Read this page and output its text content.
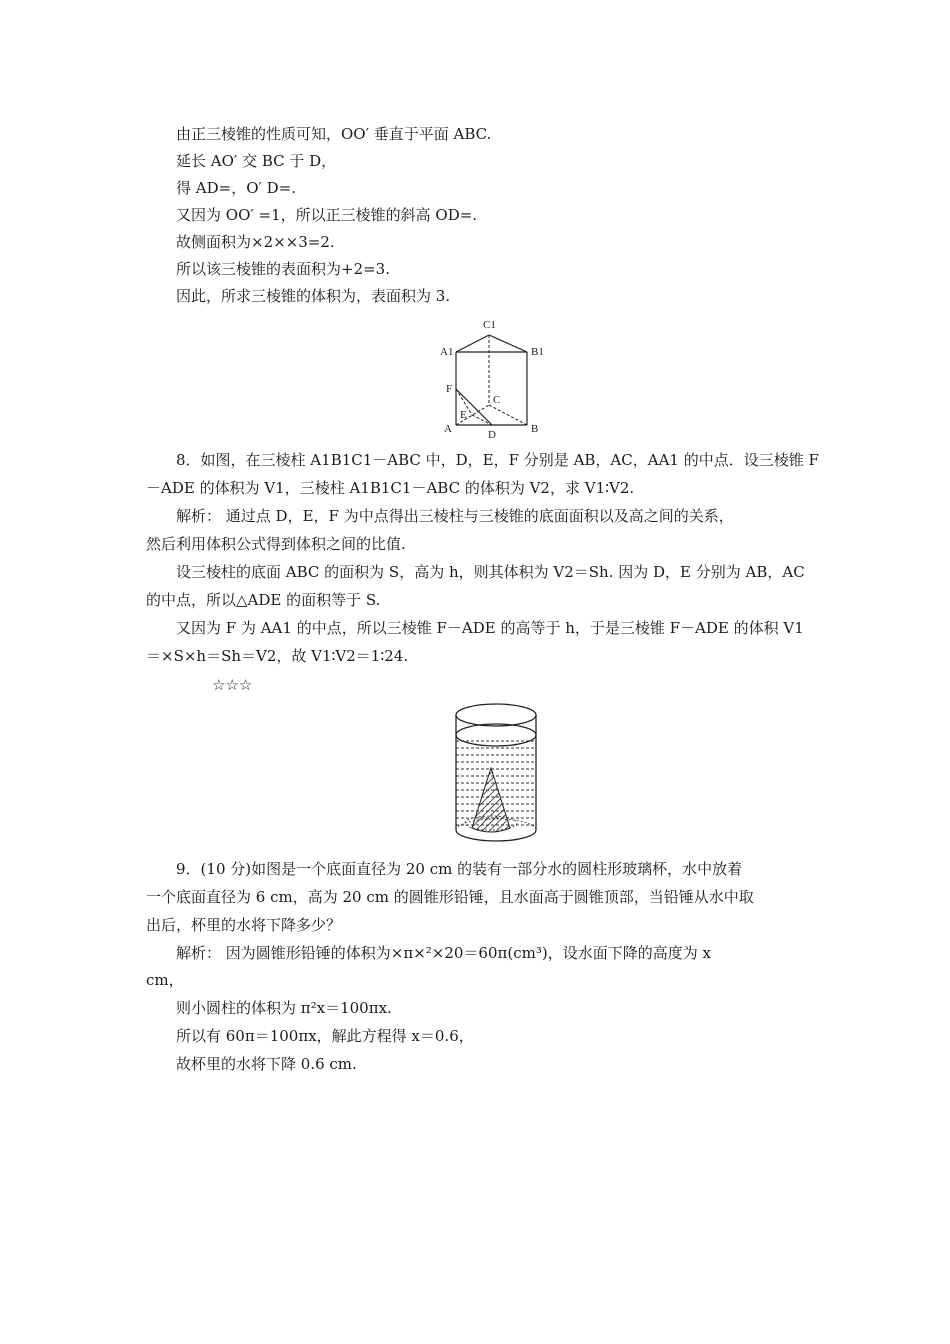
由正三棱锥的性质可知，OO′ 垂直于平面 ABC.
延长 AO′ 交 BC 于 D，
得 AD=，O′ D=.
又因为 OO′ =1，所以正三棱锥的斜高 OD=.
故侧面积为×2××3=2.
所以该三棱锥的表面积为+2=3.
因此，所求三棱锥的体积为，表面积为 3.
C1
A1	B1
F
C
E
A	D	B
8．如图，在三棱柱 A1B1C1－ABC 中，D，E，F 分别是 AB，AC，AA1 的中点．设三棱锥 F
－ADE 的体积为 V1，三棱柱 A1B1C1－ABC 的体积为 V2，求 V1∶V2.
解析： 通过点 D，E，F 为中点得出三棱柱与三棱锥的底面面积以及高之间的关系，
然后利用体积公式得到体积之间的比值.
设三棱柱的底面 ABC 的面积为 S，高为 h，则其体积为 V2＝Sh. 因为 D，E 分别为 AB，AC
的中点，所以△ADE 的面积等于 S.
又因为 F 为 AA1 的中点，所以三棱锥 F－ADE 的高等于 h，于是三棱锥 F－ADE 的体积 V1
＝×S×h＝Sh＝V2，故 V1∶V2＝1∶24.
☆☆☆
9．(10 分)如图是一个底面直径为 20 cm 的装有一部分水的圆柱形玻璃杯，水中放着
一个底面直径为 6 cm，高为 20 cm 的圆锥形铅锤，且水面高于圆锥顶部，当铅锤从水中取
出后，杯里的水将下降多少？
解析： 因为圆锥形铅锤的体积为×π×²×20＝60π(cm³)，设水面下降的高度为 x
cm，
则小圆柱的体积为 π²x＝100πx.
所以有 60π＝100πx，解此方程得 x＝0.6，
故杯里的水将下降 0.6 cm.
